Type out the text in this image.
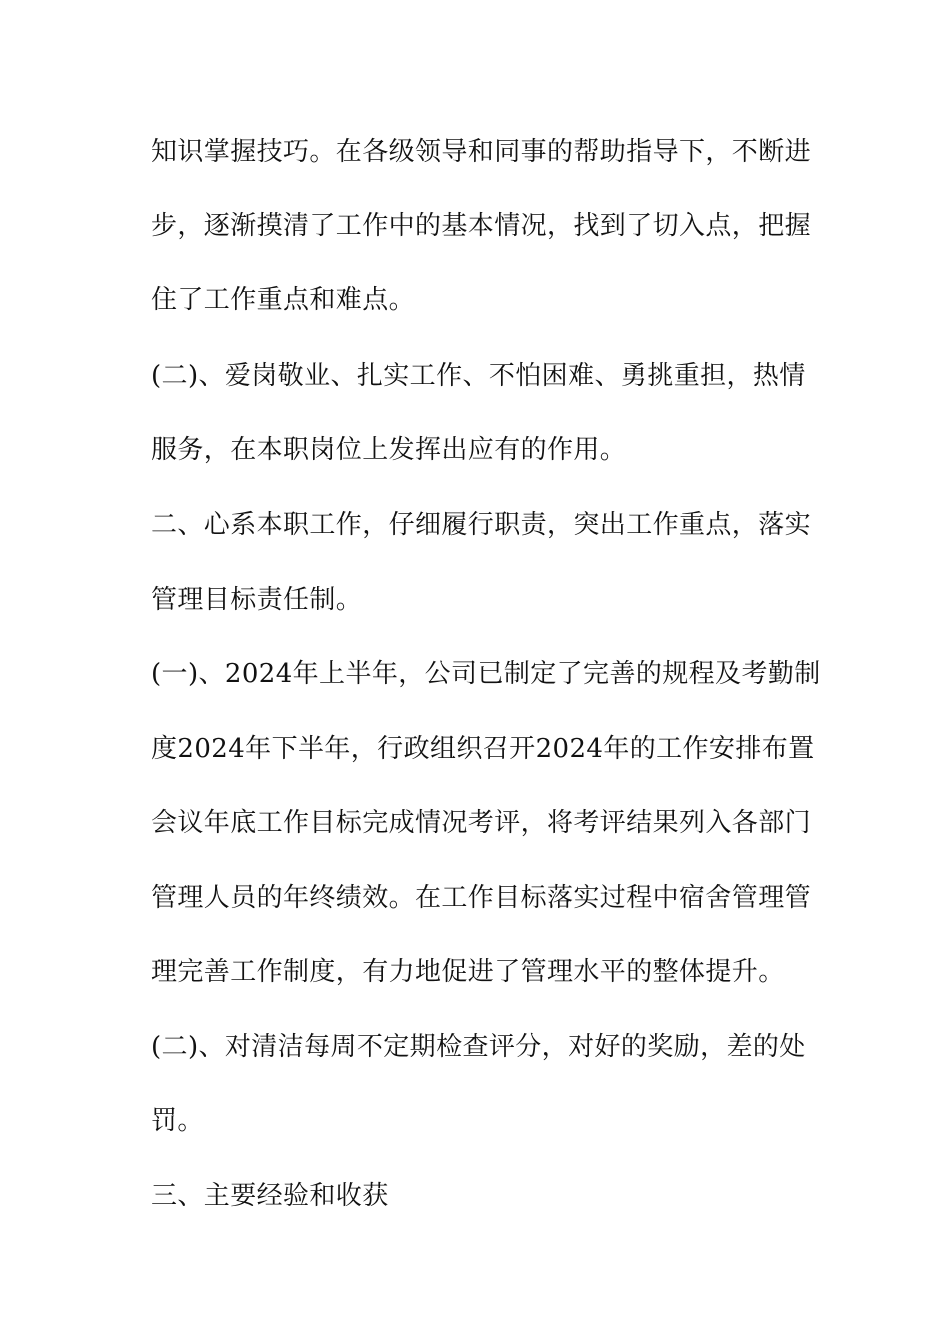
知识掌握技巧。在各级领导和同事的帮助指导下，不断进
步，逐渐摸清了工作中的基本情况，找到了切入点，把握
住了工作重点和难点。
(二)、爱岗敬业、扎实工作、不怕困难、勇挑重担，热情
服务，在本职岗位上发挥出应有的作用。
二、心系本职工作，仔细履行职责，突出工作重点，落实
管理目标责任制。
(一)、2024年上半年，公司已制定了完善的规程及考勤制
度2024年下半年，行政组织召开2024年的工作安排布置
会议年底工作目标完成情况考评，将考评结果列入各部门
管理人员的年终绩效。在工作目标落实过程中宿舍管理管
理完善工作制度，有力地促进了管理水平的整体提升。
(二)、对清洁每周不定期检查评分，对好的奖励，差的处
罚。
三、主要经验和收获
